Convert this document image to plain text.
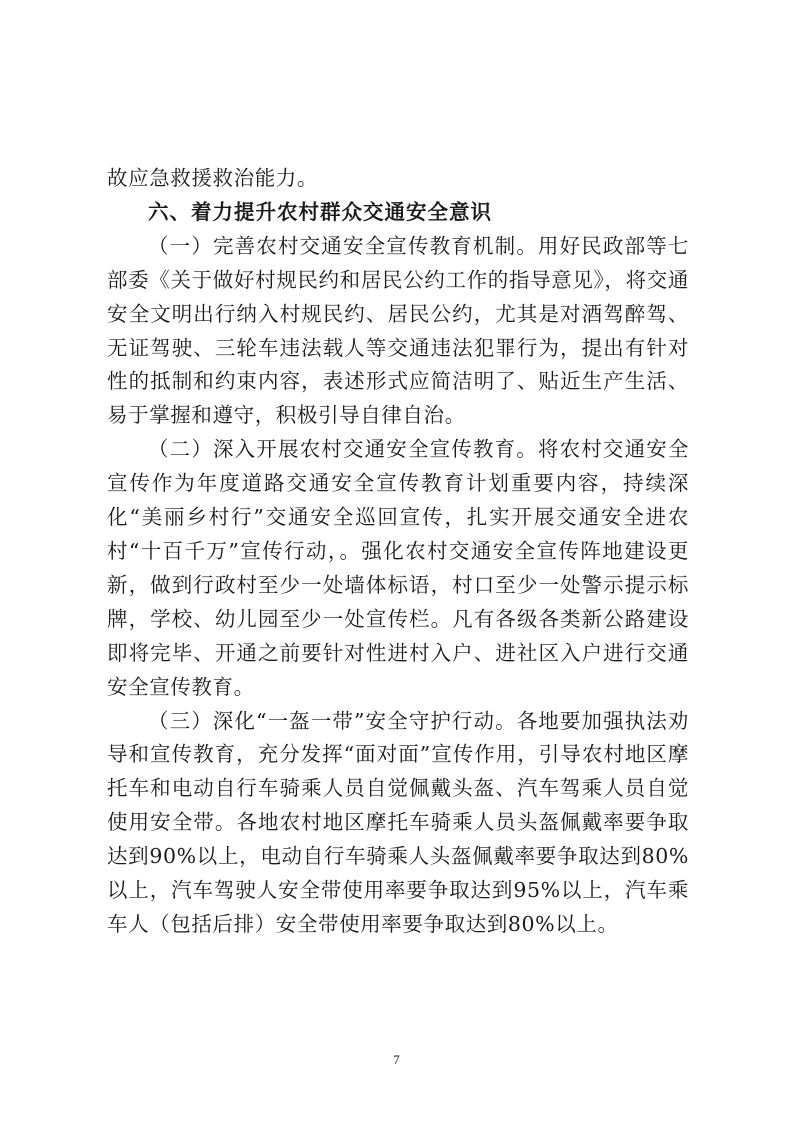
故应急救援救治能力。

六、着力提升农村群众交通安全意识

（一）完善农村交通安全宣传教育机制。用好民政部等七部委《关于做好村规民约和居民公约工作的指导意见》，将交通安全文明出行纳入村规民约、居民公约，尤其是对酒驾醉驾、无证驾驶、三轮车违法载人等交通违法犯罪行为，提出有针对性的抵制和约束内容，表述形式应简洁明了、贴近生产生活、易于掌握和遵守，积极引导自律自治。

（二）深入开展农村交通安全宣传教育。将农村交通安全宣传作为年度道路交通安全宣传教育计划重要内容，持续深化“美丽乡村行”交通安全巡回宣传，扎实开展交通安全进农村“十百千万”宣传行动，。强化农村交通安全宣传阵地建设更新，做到行政村至少一处墙体标语，村口至少一处警示提示标牌，学校、幼儿园至少一处宣传栏。凡有各级各类新公路建设即将完毕、开通之前要针对性进村入户、进社区入户进行交通安全宣传教育。

（三）深化“一盔一带”安全守护行动。各地要加强执法劝导和宣传教育，充分发挥“面对面”宣传作用，引导农村地区摩托车和电动自行车骑乘人员自觉佩戴头盔、汽车驾乘人员自觉使用安全带。各地农村地区摩托车骑乘人员头盔佩戴率要争取达到90%以上，电动自行车骑乘人头盔佩戴率要争取达到80%以上，汽车驾驶人安全带使用率要争取达到95%以上，汽车乘车人（包括后排）安全带使用率要争取达到80%以上。

7
